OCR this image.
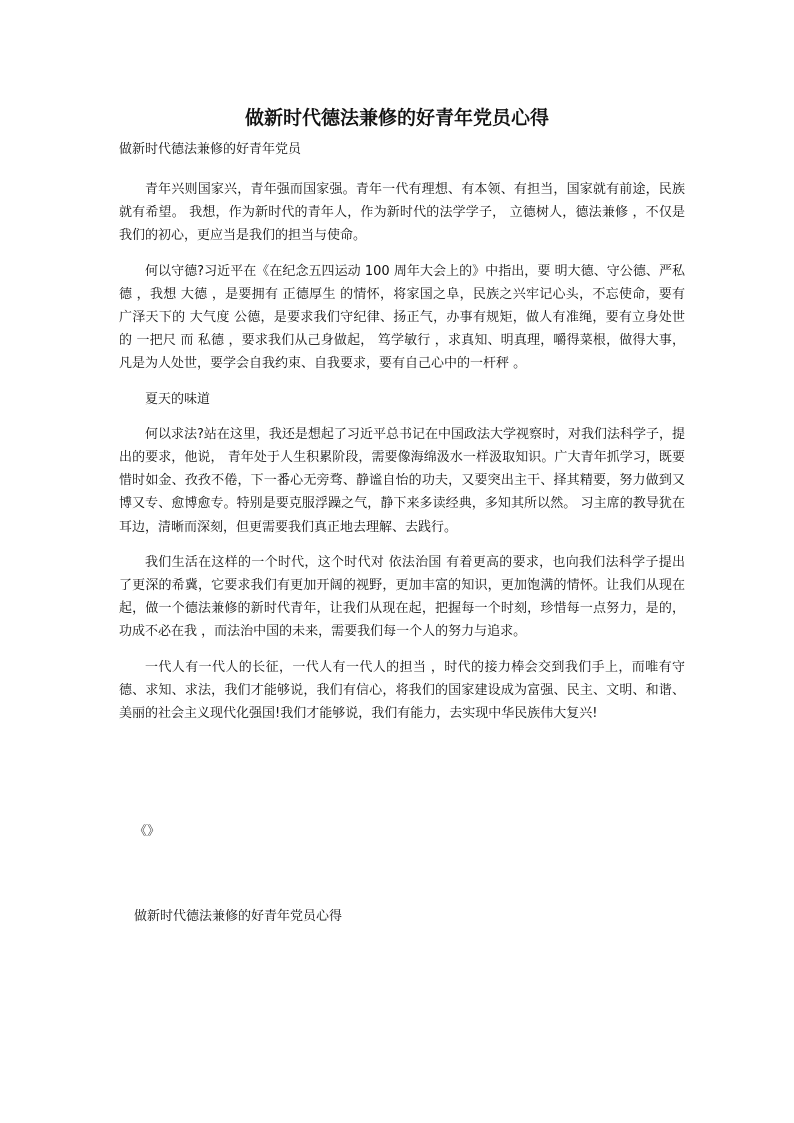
做新时代德法兼修的好青年党员心得
做新时代德法兼修的好青年党员

青年兴则国家兴，青年强而国家强。青年一代有理想、有本领、有担当，国家就有前途，民族就有希望。 我想，作为新时代的青年人，作为新时代的法学学子， 立德树人，德法兼修 ，不仅是我们的初心，更应当是我们的担当与使命。

何以守德?习近平在《在纪念五四运动 100 周年大会上的》中指出，要 明大德、守公德、严私德 ，我想 大德 ，是要拥有 正德厚生 的情怀，将家国之阜，民族之兴牢记心头，不忘使命，要有广泽天下的 大气度 公德，是要求我们守纪律、扬正气，办事有规矩，做人有准绳，要有立身处世的 一把尺 而 私德 ，要求我们从己身做起， 笃学敏行 ，求真知、明真理，嚼得菜根，做得大事，凡是为人处世，要学会自我约束、自我要求，要有自己心中的一杆秤 。

夏天的味道

何以求法?站在这里，我还是想起了习近平总书记在中国政法大学视察时，对我们法科学子，提出的要求，他说， 青年处于人生积累阶段，需要像海绵汲水一样汲取知识。广大青年抓学习，既要惜时如金、孜孜不倦，下一番心无旁骛、静谧自怡的功夫，又要突出主干、择其精要，努力做到又博又专、愈博愈专。特别是要克服浮躁之气，静下来多读经典，多知其所以然。 习主席的教导犹在耳边，清晰而深刻，但更需要我们真正地去理解、去践行。

我们生活在这样的一个时代，这个时代对 依法治国 有着更高的要求，也向我们法科学子提出了更深的希冀，它要求我们有更加开阔的视野，更加丰富的知识，更加饱满的情怀。让我们从现在起，做一个德法兼修的新时代青年，让我们从现在起，把握每一个时刻，珍惜每一点努力，是的， 功成不必在我 ，而法治中国的未来，需要我们每一个人的努力与追求。

一代人有一代人的长征，一代人有一代人的担当 ，时代的接力棒会交到我们手上，而唯有守德、求知、求法，我们才能够说，我们有信心，将我们的国家建设成为富强、民主、文明、和谐、美丽的社会主义现代化强国!我们才能够说，我们有能力，去实现中华民族伟大复兴!

《》
做新时代德法兼修的好青年党员心得
